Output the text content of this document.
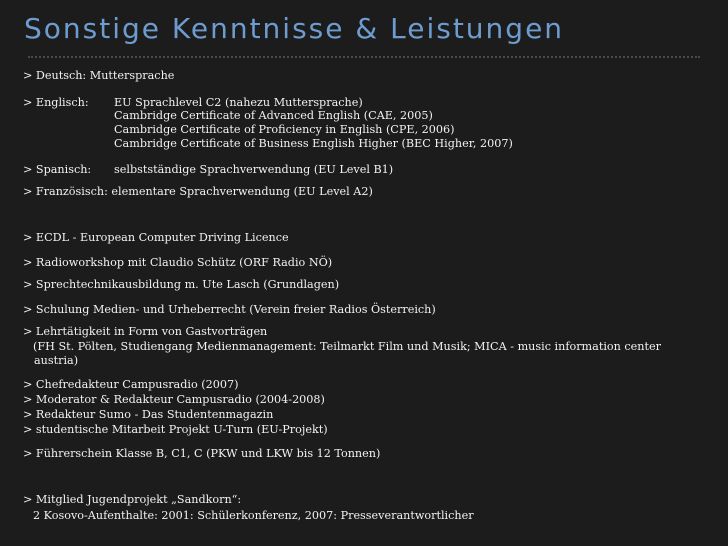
Sonstige Kenntnisse & Leistungen
> Deutsch: Muttersprache
> Englisch: EU Sprachlevel C2 (nahezu Muttersprache)
Cambridge Certificate of Advanced English (CAE, 2005)
Cambridge Certificate of Proficiency in English (CPE, 2006)
Cambridge Certificate of Business English Higher (BEC Higher, 2007)
> Spanisch: selbstständige Sprachverwendung (EU Level B1)
> Französisch: elementare Sprachverwendung (EU Level A2)
> ECDL - European Computer Driving Licence
> Radioworkshop mit Claudio Schütz (ORF Radio NÖ)
> Sprechtechnikausbildung m. Ute Lasch (Grundlagen)
> Schulung Medien- und Urheberrecht (Verein freier Radios Österreich)
> Lehrtätigkeit in Form von Gastvorträgen
(FH St. Pölten, Studiengang Medienmanagement: Teilmarkt Film und Musik; MICA - music information center
austria)
> Chefredakteur Campusradio (2007)
> Moderator & Redakteur Campusradio (2004-2008)
> Redakteur Sumo - Das Studentenmagazin
> studentische Mitarbeit Projekt U-Turn (EU-Projekt)
> Führerschein Klasse B, C1, C (PKW und LKW bis 12 Tonnen)
> Mitglied Jugendprojekt „Sandkorn“:
2 Kosovo-Aufenthalte: 2001: Schülerkonferenz, 2007: Presseverantwortlicher
